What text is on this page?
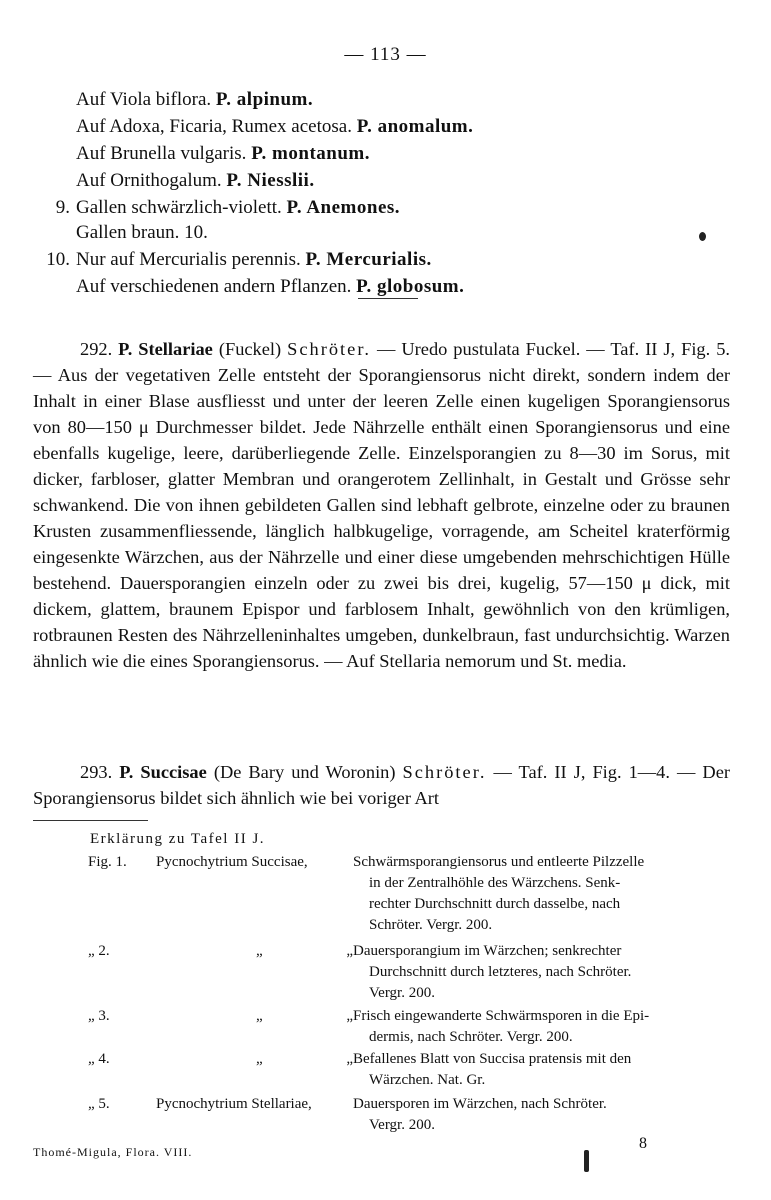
— 113 —
Auf Viola biflora. P. alpinum.
Auf Adoxa, Ficaria, Rumex acetosa. P. anomalum.
Auf Brunella vulgaris. P. montanum.
Auf Ornithogalum. P. Niesslii.
9. Gallen schwärzlich-violett. P. Anemones.
Gallen braun. 10.
10. Nur auf Mercurialis perennis. P. Mercurialis.
Auf verschiedenen andern Pflanzen. P. globosum.

292. P. Stellariae (Fuckel) Schröter. — Uredo pustulata Fuckel. — Taf. II J, Fig. 5. — Aus der vegetativen Zelle entsteht der Sporangiensorus nicht direkt, sondern indem der Inhalt in einer Blase ausfliesst und unter der leeren Zelle einen kugeligen Sporangiensorus von 80—150 μ Durchmesser bildet. Jede Nährzelle enthält einen Sporangiensorus und eine ebenfalls kugelige, leere, darüberliegende Zelle. Einzelsporangien zu 8—30 im Sorus, mit dicker, farbloser, glatter Membran und orangerotem Zellinhalt, in Gestalt und Grösse sehr schwankend. Die von ihnen gebildeten Gallen sind lebhaft gelbrote, einzelne oder zu braunen Krusten zusammenfliessende, länglich halbkugelige, vorragende, am Scheitel kraterförmig eingesenkte Wärzchen, aus der Nährzelle und einer diese umgebenden mehrschichtigen Hülle bestehend. Dauersporangien einzeln oder zu zwei bis drei, kugelig, 57—150 μ dick, mit dickem, glattem, braunem Epispor und farblosem Inhalt, gewöhnlich von den krümligen, rotbraunen Resten des Nährzelleninhaltes umgeben, dunkelbraun, fast undurchsichtig. Warzen ähnlich wie die eines Sporangiensorus. — Auf Stellaria nemorum und St. media.

293. P. Succisae (De Bary und Woronin) Schröter. — Taf. II J, Fig. 1—4. — Der Sporangiensorus bildet sich ähnlich wie bei voriger Art

Erklärung zu Tafel II J.
Fig. 1.	Pycnochytrium Succisae,	Schwärmsporangiensorus und entleerte Pilzzelle
in der Zentralhöhle des Wärzchens. Senk-
rechter Durchschnitt durch dasselbe, nach
Schröter. Vergr. 200.
„ 2.	„ „ Dauersporangium im Wärzchen; senkrechter
Durchschnitt durch letzteres, nach Schröter.
Vergr. 200.
„ 3.	„ „ Frisch eingewanderte Schwärmsporen in die Epi-
dermis, nach Schröter. Vergr. 200.
„ 4.	„ „ Befallenes Blatt von Succisa pratensis mit den
Wärzchen. Nat. Gr.
„ 5.	Pycnochytrium Stellariae,	Dauersporen im Wärzchen, nach Schröter.
Vergr. 200.
Thomé-Migula, Flora. VIII.	8
